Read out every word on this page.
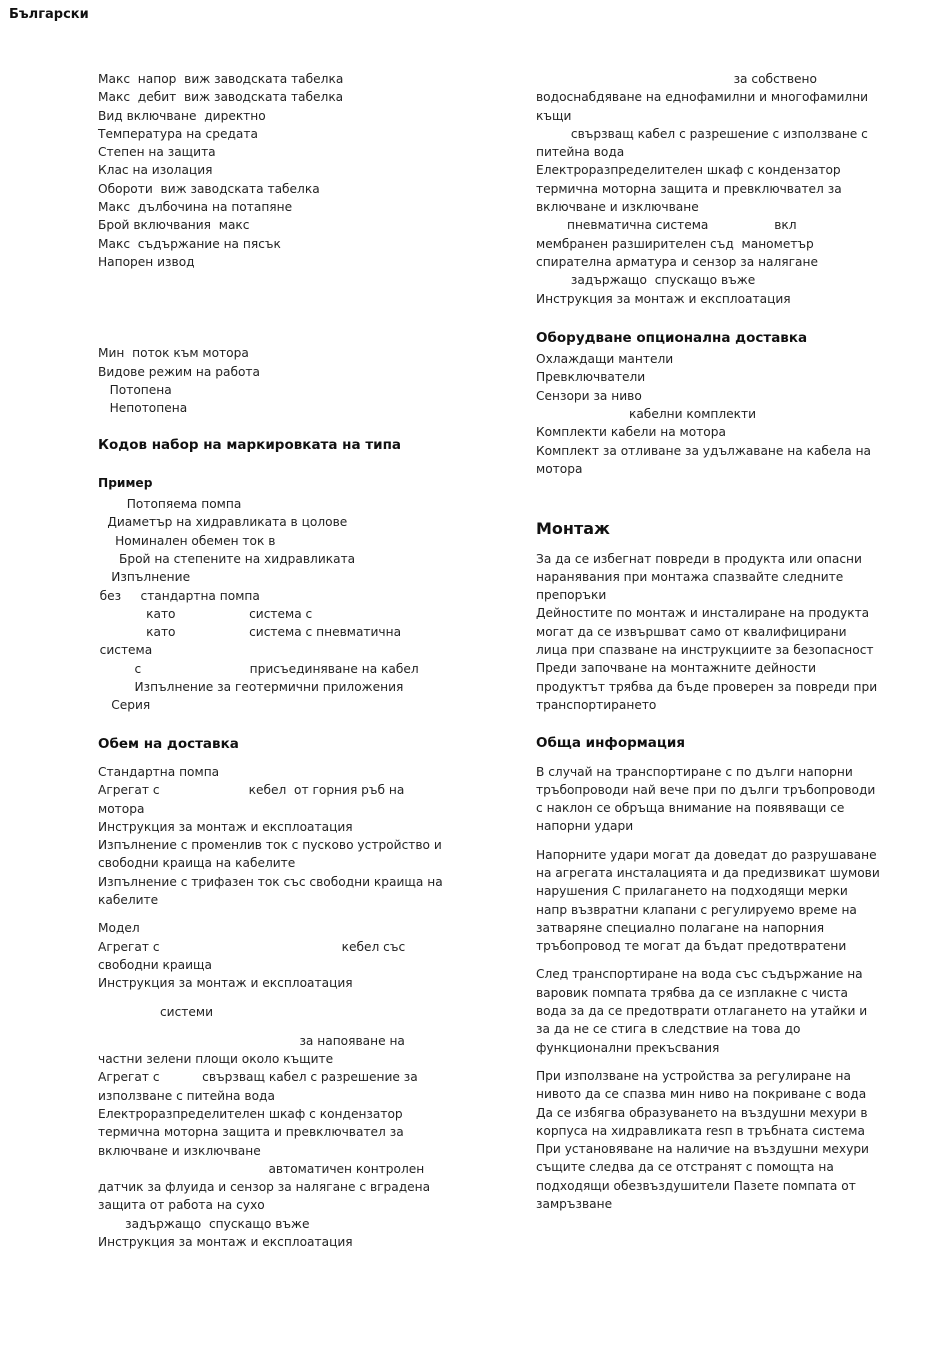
Български
Макс  напор  виж заводската табелка
Макс  дебит  виж заводската табелка
Вид включване  директно
Температура на средата
Степен на защита
Клас на изолация
Обороти  виж заводската табелка
Макс  дълбочина на потапяне
Брой включвания  макс
Макс  съдържание на пясък
Напорен извод
Мин  поток към мотора
Видове режим на работа
Потопена
Непотопена
Кодов набор на маркировката на типа
Пример
Потопяема помпа
Диаметър на хидравликата в цолове
Номинален обемен ток в
Брой на степените на хидравликата
Изпълнение
без     стандартна помпа
като                   система с
като                   система с пневматична
система
с                            присъединяване на кабел
Изпълнение за геотермични приложения
Серия
Обем на доставка
Стандартна помпа
Агрегат с                       кебел  от горния ръб на мотора
Инструкция за монтаж и експлоатация
Изпълнение с променлив ток с пусково устройство и свободни краища на кабелите
Изпълнение с трифазен ток със свободни краища на кабелите
Модел
Агрегат с                                               кебел със свободни краища
Инструкция за монтаж и експлоатация
системи
за напояване на частни зелени площи около къщите
Агрегат с           свързващ кабел с разрешение за използване с питейна вода
Електроразпределителен шкаф с кондензатор термична моторна защита и превключвател за включване и изключване
автоматичен контролен датчик за флуида и сензор за налягане с вградена защита от работа на сухо
задържащо  спускащо въже
Инструкция за монтаж и експлоатация
за собствено водоснабдяване на еднофамилни и многофамилни къщи
свързващ кабел с разрешение с използване с питейна вода
Електроразпределителен шкаф с кондензатор термична моторна защита и превключвател за включване и изключване
пневматична система                 вкл
мембранен разширителен съд  манометър
спирателна арматура и сензор за налягане
задържащо  спускащо въже
Инструкция за монтаж и експлоатация
Оборудване опционална доставка
Охлаждащи мантели
Превключватели
Сензори за ниво
кабелни комплекти
Комплекти кабели на мотора
Комплект за отливане за удължаване на кабела на мотора
Монтаж
За да се избегнат повреди в продукта или опасни наранявания при монтажа спазвайте следните препоръки
Дейностите по монтаж и инсталиране на продукта могат да се извършват само от квалифицирани лица при спазване на инструкциите за безопасност
Преди започване на монтажните дейности продуктът трябва да бъде проверен за повреди при транспортирането
Обща информация
В случай на транспортиране с по дълги напорни тръбопроводи най вече при по дълги тръбопроводи с наклон се обръща внимание на появяващи се напорни удари
Напорните удари могат да доведат до разрушаване на агрегата инсталацията и да предизвикат шумови нарушения С прилагането на подходящи мерки напр възвратни клапани с регулируемо време на затваряне специално полагане на напорния тръбопровод те могат да бъдат предотвратени
След транспортиране на вода със съдържание на варовик помпата трябва да се изплакне с чиста вода за да се предотврати отлагането на утайки и за да не се стига в следствие на това до функционални прекъсвания
При използване на устройства за регулиране на нивото да се спазва мин ниво на покриване с вода
Да се избягва образуването на въздушни мехури в корпуса на хидравликата resп в тръбната система
При установяване на наличие на въздушни мехури същите следва да се отстранят с помощта на подходящи обезвъздушители Пазете помпата от замръзване
